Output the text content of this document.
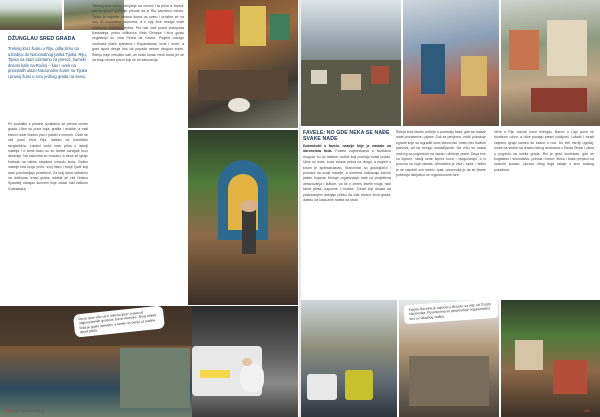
DŽUNGLAU SRED GRADA
Treking kroz šumu u Riju, odla-zimo na uzbrdicu do Nacionalnog parka Tijuka. Riju, Tijuka na stazi uzimamo za prevoz, šumski dnevni kafe na Roćini – kao i uvek na preostalih ulazu Nacionalne šume na Tijuka i pravoj šumi u srcu jednog grada na svetu.

Treking kroz šumu, penjanje na vrhove i ta priča iz favela, sve to govori ljubitelju prirode da je Rio savršeno mesto. Tijuka je najveća urbana šuma na svetu i prostire se na oko 32 kvadratna kilometra, a u njoj žive mnoge vrste majmuna, tukana i leptira. Put nas vodi pored vodopada Kaskatinja, preko vidikovca Vista Chinesa i kroz gustu vegetaciju do vrha Pedra da Gavea. Pogled odozgo obuhvata plaže Ipanema i Kopakabana, brda i more, a grad ispod deluje kao da pripada nekom drugom svetu. Šetnja traje nekoliko sati, ali svaki korak vredi truda jer se na kraju otvara prizor koji se ne zaboravlja.

Po povratku s planine spuštamo se prema centru grada. Ulice su pune boja, grafita i muzike, a mali barovi nude hladno pivo i pastel s mesom. Ovde se vidi pravi život Rija, daleko od turističkih razglednica. Lokalni vodič nam priča o istoriji naselja i o tome kako su se favele razvijale kroz decenije. Na zidovima su mozaici, a deca se igraju fudbala na uskim stazama između kuća. Svako naselje ima svoju priču, svoj ritam i svoje ljude koji rado pozdravljaju posetioce. Za kraj dana odlazimo na vidikovac iznad grada, odakle se vidi Hristos Spasitelj obasjan suncem koje zalazi nad zalivom Guanabara.

Rio je dom više od 6 miliona ljudi i jedan od najposećenijih gradova Južne Amerike. Zbog reljefa brda je gusto naseljen, a favele se penju uz padine iznad plaža.
100 CITY MAGAZINE 2
FAVELE: NO GDE NEKA SE NAĐE SVAKE NADE

Dobrodošli u favelu, naselje koje je nastalo na obroncima brda. Posete zajednicama u favelama moguće su uz lokalne vodiče koji poznaju svaki prolaz. Ulice su uske, kuće zidane jedna na drugu, a pogled s krova je spektakularan. Stanovnici su gostoljubivi i ponosni na svoje naselje, a umetnici oslikavaju zidove jarkim bojama. Mnoge organizacije rade na projektima obrazovanja i kulture, pa se u centru favele mogu naći škole plesa, kapoeire i muzike. Turisti koji dolaze sa poštovanjem dobijaju priliku da vide stvarni život grada, daleko od luksuznih hotela na obali.

Šetnja kroz favelu počinje u podnožju brda, gde se nalaze male prodavnice i pijace. Dok se penjemo, vodič pokazuje zgrade koje su izgradili sami stanovnici, često bez ikakvih planova, ali sa mnogo snalažljivosti. Na vrhu se nalazi mali trg sa pogledom na okean i obližnje plaže. Deca trče za loptom, stariji sede ispred kuća i razgovaraju, a iz prozora se čuje samba. Atmosfera je živa i topla, i teško je ne zavoleti ovo mesto. Ipak, preporuka je da se favele posećuju isključivo uz organizovane ture.

Veče u Riju donosi novu energiju. Barovi u Lapi pune se muzikom uživo, a ulice postaju plesni podijumi. Lokalci i turisti zajedno igraju sambu do kasno u noć. Ko želi mirniji ugođaj, može da sedne na terasu nekog restorana u Santa Terezi i uživa u pogledu na svetla grada. Rio je grad kontrasta, gde se bogatstvo i siromaštvo, priroda i beton, tišina i buka prepliću na svakom koraku. Upravo zbog toga ostaje u srcu svakog posetioca.

Favela Rocinha je najveća u Brazilu, sa više od 70.000 stanovnika. Posetiocima se preporučuje organizovana tura uz lokalnog vodiča.
101
